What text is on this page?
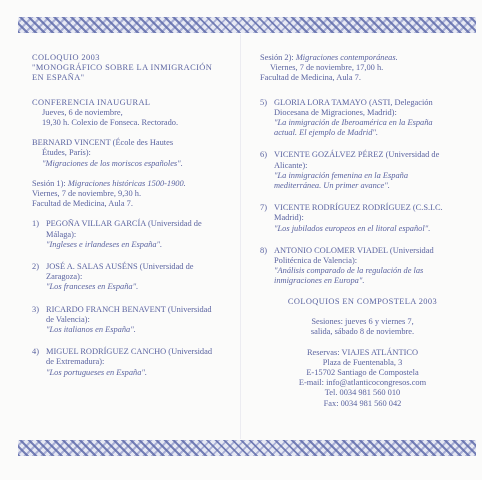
COLOQUIO 2003
"MONOGRÁFICO SOBRE LA INMIGRACIÓN
EN ESPAÑA"
CONFERENCIA INAUGURAL
Jueves, 6 de noviembre,
19,30 h. Colexio de Fonseca. Rectorado.
BERNARD VINCENT (École des Hautes
Études, París):
"Migraciones de los moriscos españoles".
Sesión 1): Migraciones históricas 1500-1900.
Viernes, 7 de noviembre, 9,30 h.
Facultad de Medicina, Aula 7.
1) PEGOÑA VILLAR GARCÍA (Universidad de
Málaga):
"Ingleses e irlandeses en España".
2) JOSÉ A. SALAS AUSÉNS (Universidad de
Zaragoza):
"Los franceses en España".
3) RICARDO FRANCH BENAVENT (Universidad
de Valencia):
"Los italianos en España".
4) MIGUEL RODRÍGUEZ CANCHO (Universidad
de Extremadura):
"Los portugueses en España".
Sesión 2): Migraciones contemporáneas.
Viernes, 7 de noviembre, 17,00 h.
Facultad de Medicina, Aula 7.
5) GLORIA LORA TAMAYO (ASTI, Delegación
Diocesana de Migraciones, Madrid):
"La inmigración de Iberoamérica en la España
actual. El ejemplo de Madrid".
6) VICENTE GOZÁLVEZ PÉREZ (Universidad de
Alicante):
"La inmigración femenina en la España
mediterránea. Un primer avance".
7) VICENTE RODRÍGUEZ RODRÍGUEZ (C.S.I.C.
Madrid):
"Los jubilados europeos en el litoral español".
8) ANTONIO COLOMER VIADEL (Universidad
Politécnica de Valencia):
"Análisis comparado de la regulación de las
inmigraciones en Europa".
COLOQUIOS EN COMPOSTELA 2003
Sesiones: jueves 6 y viernes 7,
salida, sábado 8 de noviembre.
Reservas: VIAJES ATLÁNTICO
Plaza de Fuentenabla, 3
E-15702 Santiago de Compostela
E-mail: info@atlanticocongresos.com
Tel. 0034 981 560 010
Fax: 0034 981 560 042
